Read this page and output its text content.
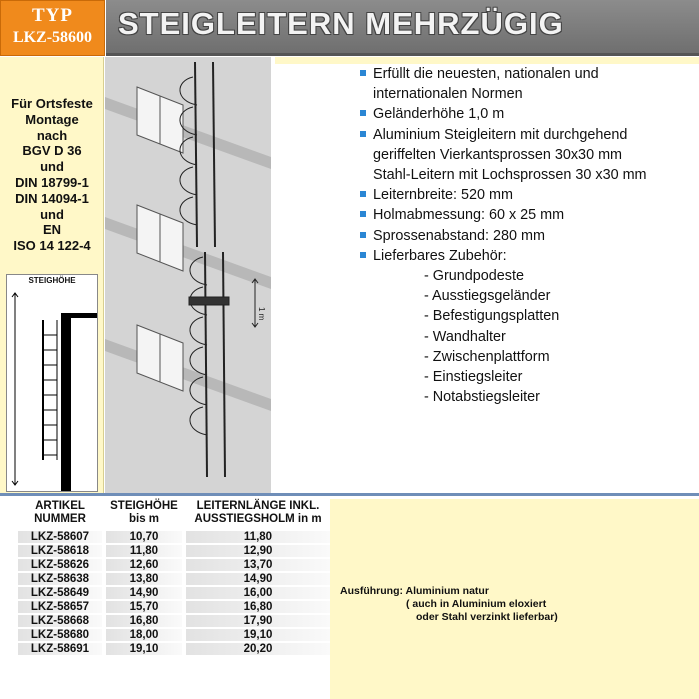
TYP
LKZ-58600 STEIGLEITERN MEHRZÜGIG
Für Ortsfeste
Montage
nach
BGV D 36
und
DIN 18799-1
DIN 14094-1
und
EN
ISO 14 122-4
STEIGHÖHE
1 m
Erfüllt die neuesten, nationalen und
internationalen Normen
Geländerhöhe 1,0 m
Aluminium Steigleitern mit durchgehend
geriffelten Vierkantsprossen 30x30 mm
Stahl-Leitern mit Lochsprossen 30 x30 mm
Leiternbreite: 520 mm
Holmabmessung: 60 x 25 mm
Sprossenabstand: 280 mm
Lieferbares Zubehör:
- Grundpodeste
- Ausstiegsgeländer
- Befestigungsplatten
- Wandhalter
- Zwischenplattform
- Einstiegsleiter
- Notabstiegsleiter
ARTIKEL
NUMMER
STEIGHÖHE
bis m
LEITERNLÄNGE INKL.
AUSSTIEGSHOLM in m
LKZ-58607	10,70	11,80
LKZ-58618	11,80	12,90
LKZ-58626	12,60	13,70
LKZ-58638	13,80	14,90
LKZ-58649	14,90	16,00
LKZ-58657	15,70	16,80
LKZ-58668	16,80	17,90
LKZ-58680	18,00	19,10
LKZ-58691	19,10	20,20
Ausführung: Aluminium natur
( auch in Aluminium eloxiert
oder Stahl verzinkt lieferbar)
